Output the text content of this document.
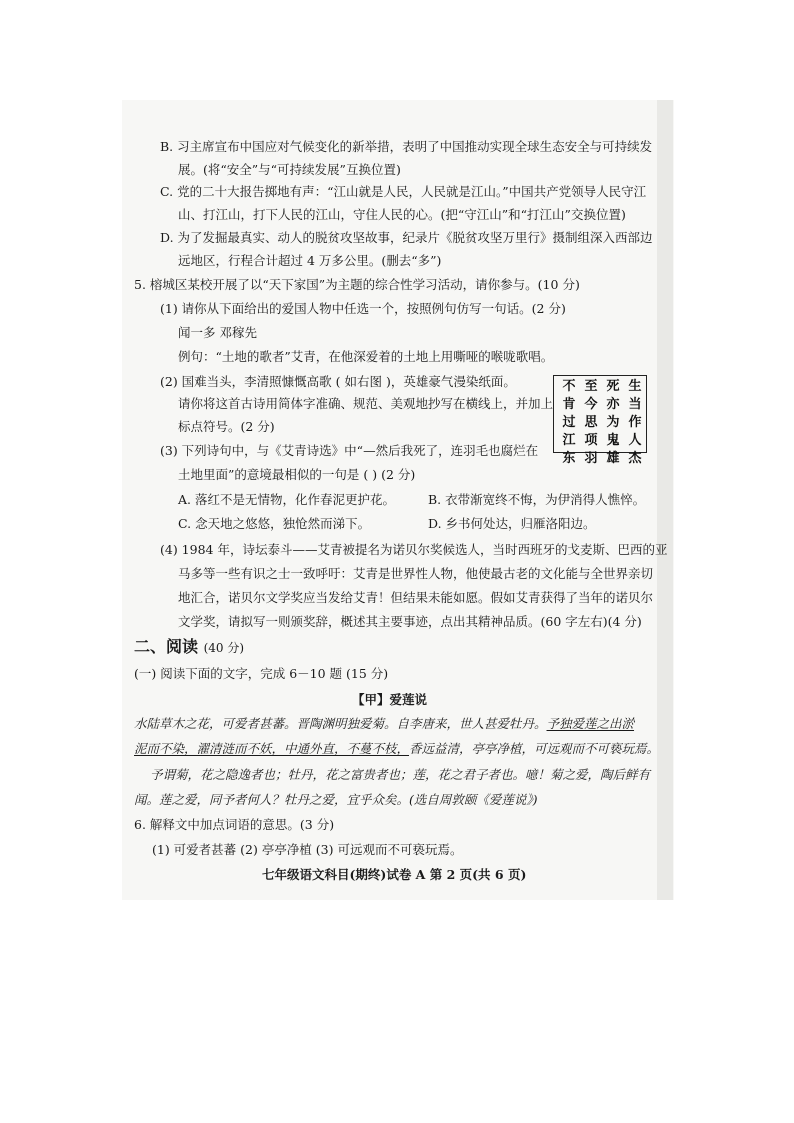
B. 习主席宣布中国应对气候变化的新举措，表明了中国推动实现全球生态安全与可持续发
展。(将“安全”与“可持续发展”互换位置)
C. 党的二十大报告掷地有声：“江山就是人民，人民就是江山。”中国共产党领导人民守江
山、打江山，打下人民的江山，守住人民的心。(把“守江山”和“打江山”交换位置)
D. 为了发掘最真实、动人的脱贫攻坚故事，纪录片《脱贫攻坚万里行》摄制组深入西部边
远地区，行程合计超过 4 万多公里。(删去“多”)
5. 榕城区某校开展了以“天下家国”为主题的综合性学习活动，请你参与。(10 分)
(1) 请你从下面给出的爱国人物中任选一个，按照例句仿写一句话。(2 分)
闻一多 邓稼先
例句：“土地的歌者”艾青，在他深爱着的土地上用嘶哑的喉咙歌唱。
(2) 国难当头，李清照慷慨高歌 ( 如右图 )，英雄豪气漫染纸面。
请你将这首古诗用简体字准确、规范、美观地抄写在横线上，并加上
标点符号。(2 分)
生
当
作
人
杰
死
亦
为
鬼
雄
至
今
思
项
羽
不
肯
过
江
东
(3) 下列诗句中，与《艾青诗选》中“—然后我死了，连羽毛也腐烂在
土地里面”的意境最相似的一句是 ( ) (2 分)
A. 落红不是无情物，化作春泥更护花。	B. 衣带渐宽终不悔，为伊消得人憔悴。
C. 念天地之悠悠，独怆然而涕下。	D. 乡书何处达，归雁洛阳边。
(4) 1984 年，诗坛泰斗——艾青被提名为诺贝尔奖候选人，当时西班牙的戈麦斯、巴西的亚
马多等一些有识之士一致呼吁：艾青是世界性人物，他使最古老的文化能与全世界亲切
地汇合，诺贝尔文学奖应当发给艾青！但结果未能如愿。假如艾青获得了当年的诺贝尔
文学奖，请拟写一则颁奖辞，概述其主要事迹，点出其精神品质。(60 字左右)(4 分)
二、阅读 (40 分)
(一) 阅读下面的文字，完成 6－10 题 (15 分)
【甲】爱莲说
水陆草木之花，可爱者甚蕃。晋陶渊明独爱菊。自李唐来，世人甚爱牡丹。予独爱莲之出淤
泥而不染，濯清涟而不妖，中通外直，不蔓不枝，香远益清，亭亭净植，可远观而不可亵玩焉。
予谓菊，花之隐逸者也；牡丹，花之富贵者也；莲，花之君子者也。噫！菊之爱，陶后鲜有
闻。莲之爱，同予者何人？牡丹之爱，宜乎众矣。(选自周敦颐《爱莲说》)
6. 解释文中加点词语的意思。(3 分)
(1) 可爱者甚蕃 (2) 亭亭净植 (3) 可远观而不可亵玩焉。
七年级语文科目(期终)试卷 A 第 2 页(共 6 页)
